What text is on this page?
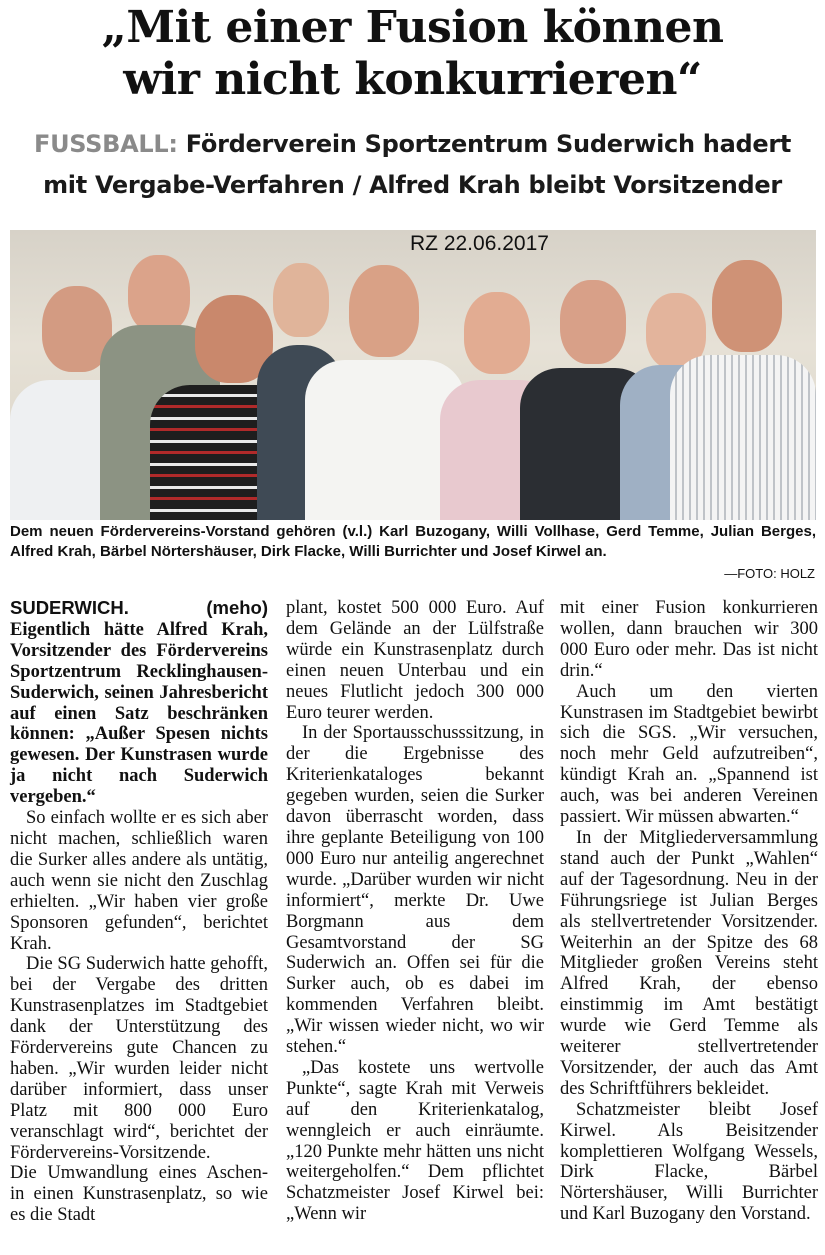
„Mit einer Fusion können
wir nicht konkurrieren“
FUSSBALL: Förderverein Sportzentrum Suderwich hadert
mit Vergabe-Verfahren / Alfred Krah bleibt Vorsitzender
RZ 22.06.2017
Dem neuen Fördervereins-Vorstand gehören (v.l.) Karl Buzogany, Willi Vollhase, Gerd Temme, Julian Berges, Alfred Krah, Bärbel Nörtershäuser, Dirk Flacke, Willi Burrichter und Josef Kirwel an.
—FOTO: HOLZ

SUDERWICH. (meho) Eigentlich hätte Alfred Krah, Vorsitzender des Fördervereins Sportzentrum Recklinghausen-Suderwich, seinen Jahresbericht auf einen Satz beschränken können: „Außer Spesen nichts gewesen. Der Kunstrasen wurde ja nicht nach Suderwich vergeben.“

So einfach wollte er es sich aber nicht machen, schließlich waren die Surker alles andere als untätig, auch wenn sie nicht den Zuschlag erhielten. „Wir haben vier große Sponsoren gefunden“, berichtet Krah.

Die SG Suderwich hatte gehofft, bei der Vergabe des dritten Kunstrasenplatzes im Stadtgebiet dank der Unterstützung des Fördervereins gute Chancen zu haben. „Wir wurden leider nicht darüber informiert, dass unser Platz mit 800 000 Euro veranschlagt wird“, berichtet der Fördervereins-Vorsitzende.

Die Umwandlung eines Aschen- in einen Kunstrasenplatz, so wie es die Stadt

plant, kostet 500 000 Euro. Auf dem Gelände an der Lülfstraße würde ein Kunstrasenplatz durch einen neuen Unterbau und ein neues Flutlicht jedoch 300 000 Euro teurer werden.

In der Sportausschusssitzung, in der die Ergebnisse des Kriterienkataloges bekannt gegeben wurden, seien die Surker davon überrascht worden, dass ihre geplante Beteiligung von 100 000 Euro nur anteilig angerechnet wurde. „Darüber wurden wir nicht informiert“, merkte Dr. Uwe Borgmann aus dem Gesamtvorstand der SG Suderwich an. Offen sei für die Surker auch, ob es dabei im kommenden Verfahren bleibt. „Wir wissen wieder nicht, wo wir stehen.“

„Das kostete uns wertvolle Punkte“, sagte Krah mit Verweis auf den Kriterienkatalog, wenngleich er auch einräumte. „120 Punkte mehr hätten uns nicht weitergeholfen.“ Dem pflichtet Schatzmeister Josef Kirwel bei: „Wenn wir

mit einer Fusion konkurrieren wollen, dann brauchen wir 300 000 Euro oder mehr. Das ist nicht drin.“

Auch um den vierten Kunstrasen im Stadtgebiet bewirbt sich die SGS. „Wir versuchen, noch mehr Geld aufzutreiben“, kündigt Krah an. „Spannend ist auch, was bei anderen Vereinen passiert. Wir müssen abwarten.“

In der Mitgliederversammlung stand auch der Punkt „Wahlen“ auf der Tagesordnung. Neu in der Führungsriege ist Julian Berges als stellvertretender Vorsitzender. Weiterhin an der Spitze des 68 Mitglieder großen Vereins steht Alfred Krah, der ebenso einstimmig im Amt bestätigt wurde wie Gerd Temme als weiterer stellvertretender Vorsitzender, der auch das Amt des Schriftführers bekleidet.

Schatzmeister bleibt Josef Kirwel. Als Beisitzender komplettieren Wolfgang Wessels, Dirk Flacke, Bärbel Nörtershäuser, Willi Burrichter und Karl Buzogany den Vorstand.
